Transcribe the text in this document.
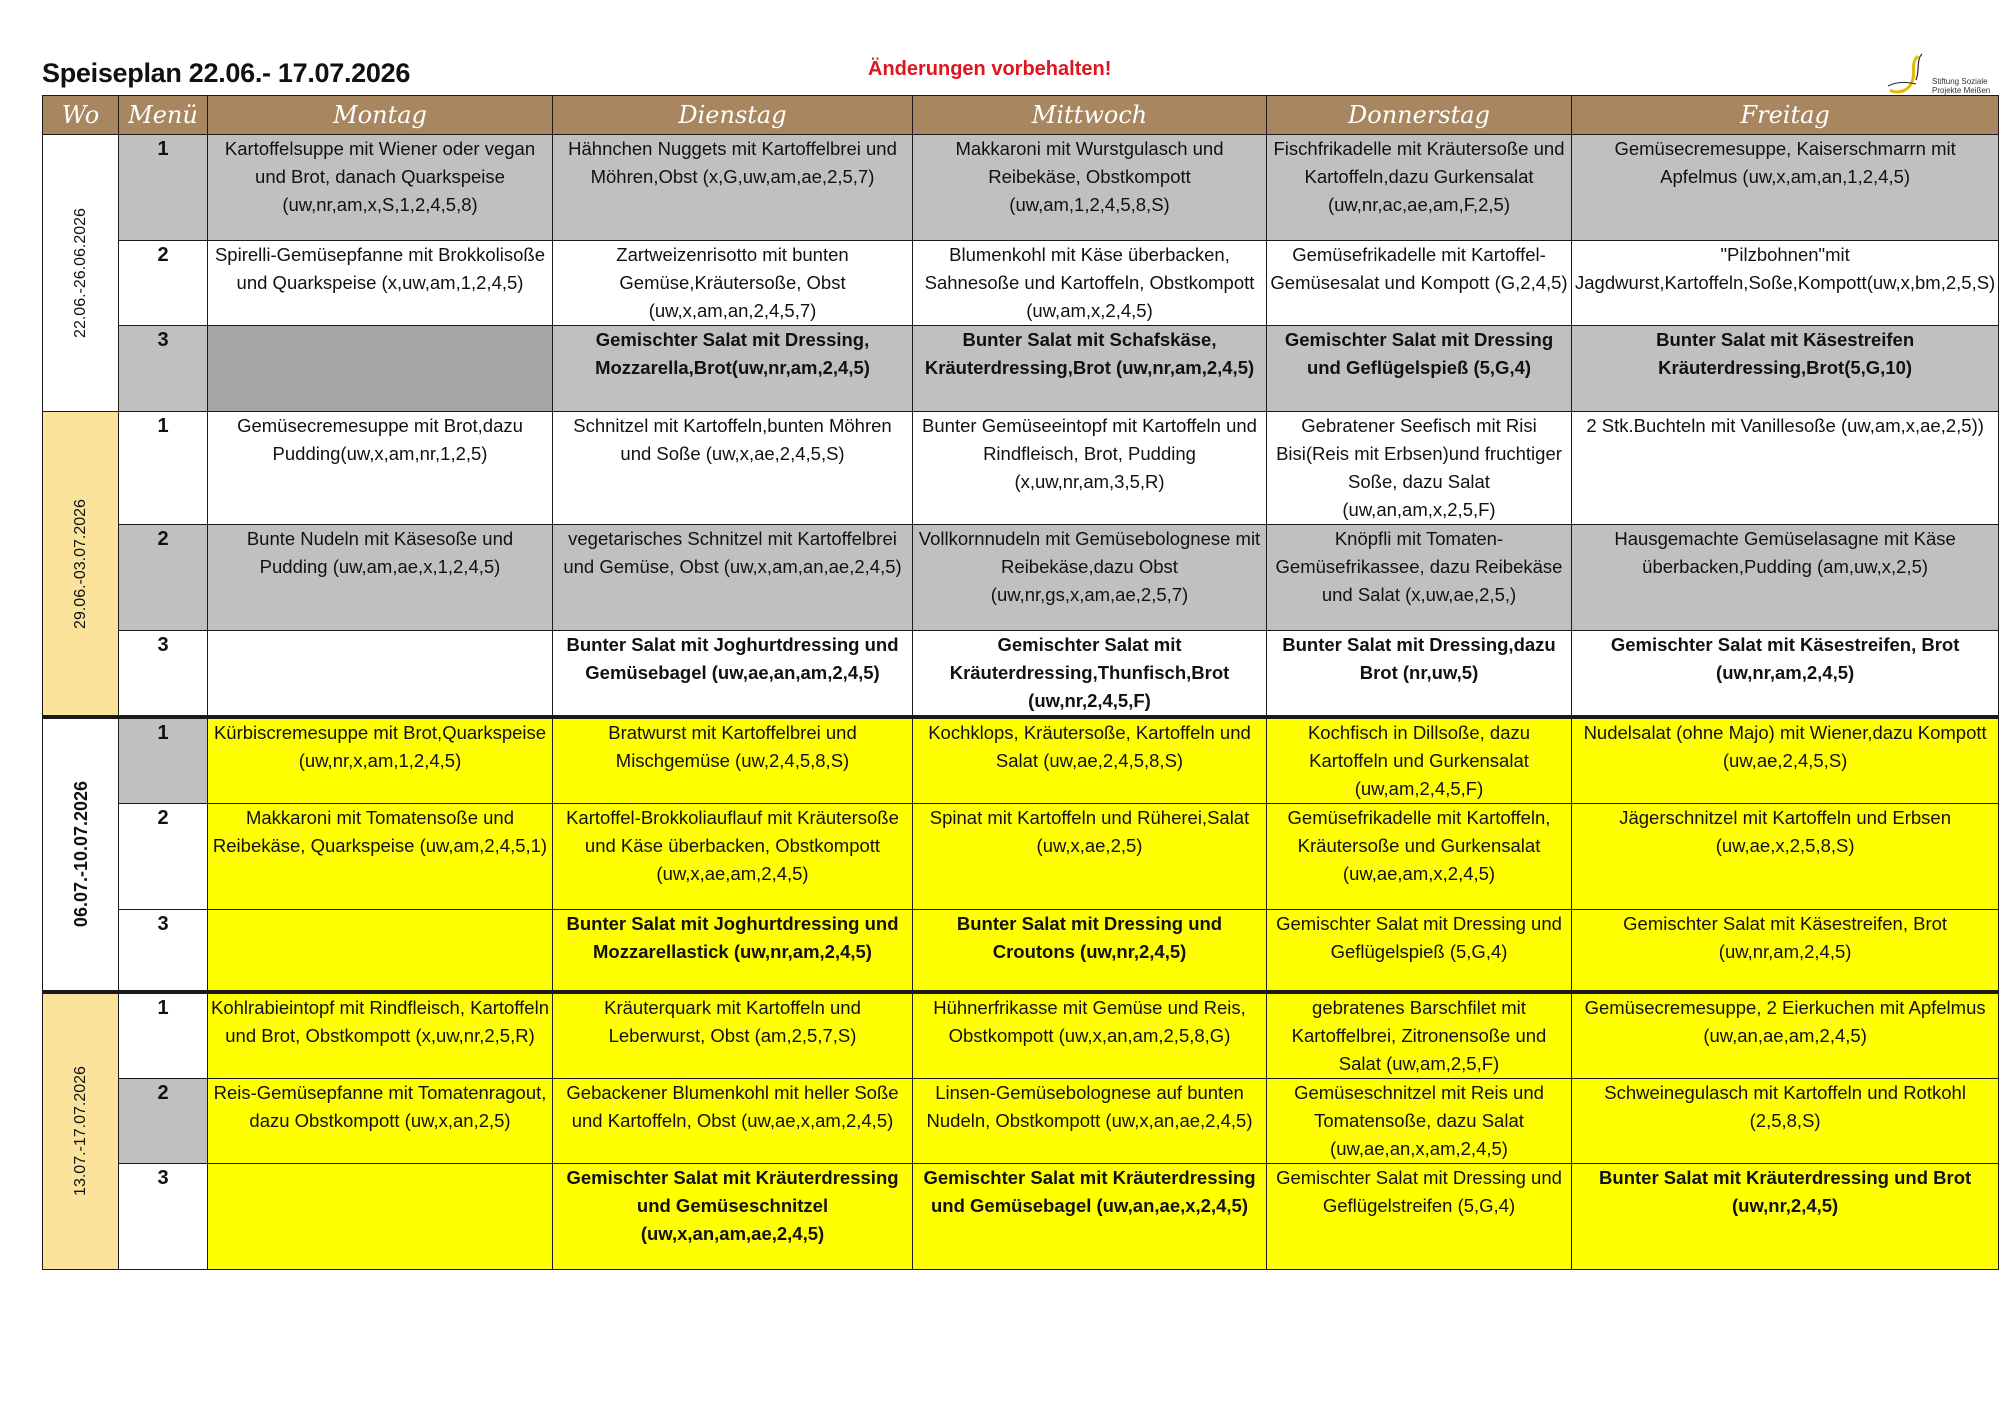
Speiseplan 22.06.- 17.07.2026	Änderungen vorbehalten!
Stiftung Soziale
Projekte Meißen
Wo	Menü	Montag	Dienstag	Mittwoch	Donnerstag	Freitag

22.06.-26.06.2026	1	Kartoffelsuppe mit Wiener oder vegan und Brot, danach Quarkspeise (uw,nr,am,x,S,1,2,4,5,8)	Hähnchen Nuggets mit Kartoffelbrei und Möhren,Obst (x,G,uw,am,ae,2,5,7)	Makkaroni mit Wurstgulasch und Reibekäse, Obstkompott (uw,am,1,2,4,5,8,S)	Fischfrikadelle mit Kräutersoße und Kartoffeln,dazu Gurkensalat (uw,nr,ac,ae,am,F,2,5)	Gemüsecremesuppe, Kaiserschmarrn mit Apfelmus (uw,x,am,an,1,2,4,5)
	2	Spirelli-Gemüsepfanne mit Brokkolisoße und Quarkspeise (x,uw,am,1,2,4,5)	Zartweizenrisotto mit bunten Gemüse,Kräutersoße, Obst (uw,x,am,an,2,4,5,7)	Blumenkohl mit Käse überbacken, Sahnesoße und Kartoffeln, Obstkompott (uw,am,x,2,4,5)	Gemüsefrikadelle mit Kartoffel-Gemüsesalat und Kompott (G,2,4,5)	"Pilzbohnen"mit Jagdwurst,Kartoffeln,Soße,Kompott(uw,x,bm,2,5,S)
	3		Gemischter Salat mit Dressing, Mozzarella,Brot(uw,nr,am,2,4,5)	Bunter Salat mit Schafskäse, Kräuterdressing,Brot (uw,nr,am,2,4,5)	Gemischter Salat mit Dressing und Geflügelspieß (5,G,4)	Bunter Salat mit Käsestreifen Kräuterdressing,Brot(5,G,10)

29.06.-03.07.2026	1	Gemüsecremesuppe mit Brot,dazu Pudding(uw,x,am,nr,1,2,5)	Schnitzel mit Kartoffeln,bunten Möhren und Soße (uw,x,ae,2,4,5,S)	Bunter Gemüseeintopf mit Kartoffeln und Rindfleisch, Brot, Pudding (x,uw,nr,am,3,5,R)	Gebratener Seefisch mit Risi Bisi(Reis mit Erbsen)und fruchtiger Soße, dazu Salat (uw,an,am,x,2,5,F)	2 Stk.Buchteln mit Vanillesoße (uw,am,x,ae,2,5))
	2	Bunte Nudeln mit Käsesoße und Pudding (uw,am,ae,x,1,2,4,5)	vegetarisches Schnitzel mit Kartoffelbrei und Gemüse, Obst (uw,x,am,an,ae,2,4,5)	Vollkornnudeln mit Gemüsebolognese mit Reibekäse,dazu Obst (uw,nr,gs,x,am,ae,2,5,7)	Knöpfli mit Tomaten-Gemüsefrikassee, dazu Reibekäse und Salat (x,uw,ae,2,5,)	Hausgemachte Gemüselasagne mit Käse überbacken,Pudding (am,uw,x,2,5)
	3		Bunter Salat mit Joghurtdressing und Gemüsebagel (uw,ae,an,am,2,4,5)	Gemischter Salat mit Kräuterdressing,Thunfisch,Brot (uw,nr,2,4,5,F)	Bunter Salat mit Dressing,dazu Brot (nr,uw,5)	Gemischter Salat mit Käsestreifen, Brot (uw,nr,am,2,4,5)

06.07.-10.07.2026	1	Kürbiscremesuppe mit Brot,Quarkspeise (uw,nr,x,am,1,2,4,5)	Bratwurst mit Kartoffelbrei und Mischgemüse (uw,2,4,5,8,S)	Kochklops, Kräutersoße, Kartoffeln und Salat (uw,ae,2,4,5,8,S)	Kochfisch in Dillsoße, dazu Kartoffeln und Gurkensalat (uw,am,2,4,5,F)	Nudelsalat (ohne Majo) mit Wiener,dazu Kompott (uw,ae,2,4,5,S)
	2	Makkaroni mit Tomatensoße und Reibekäse, Quarkspeise (uw,am,2,4,5,1)	Kartoffel-Brokkoliauflauf mit Kräutersoße und Käse überbacken, Obstkompott (uw,x,ae,am,2,4,5)	Spinat mit Kartoffeln und Rüherei,Salat (uw,x,ae,2,5)	Gemüsefrikadelle mit Kartoffeln, Kräutersoße und Gurkensalat (uw,ae,am,x,2,4,5)	Jägerschnitzel mit Kartoffeln und Erbsen (uw,ae,x,2,5,8,S)
	3		Bunter Salat mit Joghurtdressing und Mozzarellastick (uw,nr,am,2,4,5)	Bunter Salat mit Dressing und Croutons (uw,nr,2,4,5)	Gemischter Salat mit Dressing und Geflügelspieß (5,G,4)	Gemischter Salat mit Käsestreifen, Brot (uw,nr,am,2,4,5)

13.07.-17.07.2026	1	Kohlrabieintopf mit Rindfleisch, Kartoffeln und Brot, Obstkompott (x,uw,nr,2,5,R)	Kräuterquark mit Kartoffeln und Leberwurst, Obst (am,2,5,7,S)	Hühnerfrikasse mit Gemüse und Reis, Obstkompott (uw,x,an,am,2,5,8,G)	gebratenes Barschfilet mit Kartoffelbrei, Zitronensoße und Salat (uw,am,2,5,F)	Gemüsecremesuppe, 2 Eierkuchen mit Apfelmus (uw,an,ae,am,2,4,5)
	2	Reis-Gemüsepfanne mit Tomatenragout, dazu Obstkompott (uw,x,an,2,5)	Gebackener Blumenkohl mit heller Soße und Kartoffeln, Obst (uw,ae,x,am,2,4,5)	Linsen-Gemüsebolognese auf bunten Nudeln, Obstkompott (uw,x,an,ae,2,4,5)	Gemüseschnitzel mit Reis und Tomatensoße, dazu Salat (uw,ae,an,x,am,2,4,5)	Schweinegulasch mit Kartoffeln und Rotkohl (2,5,8,S)
	3		Gemischter Salat mit Kräuterdressing und Gemüseschnitzel (uw,x,an,am,ae,2,4,5)	Gemischter Salat mit Kräuterdressing und Gemüsebagel (uw,an,ae,x,2,4,5)	Gemischter Salat mit Dressing und Geflügelstreifen (5,G,4)	Bunter Salat mit Kräuterdressing und Brot (uw,nr,2,4,5)
